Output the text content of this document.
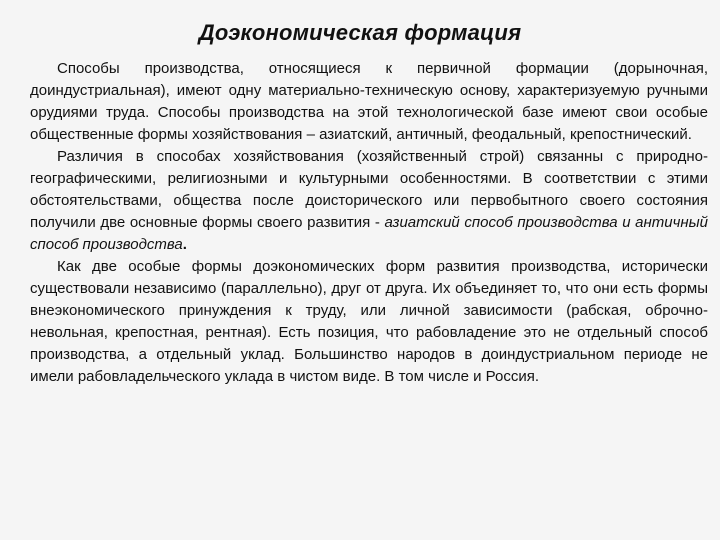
Доэкономическая формация

Способы производства, относящиеся к первичной формации (дорыночная, доиндустриальная), имеют одну материально-техническую основу, характеризуемую ручными орудиями труда. Способы производства на этой технологической базе имеют свои особые общественные формы хозяйствования – азиатский, античный, феодальный, крепостнический.

Различия в способах хозяйствования (хозяйственный строй) связанны с природно-географическими, религиозными и культурными особенностями. В соответствии с этими обстоятельствами, общества после доисторического или первобытного своего состояния получили две основные формы своего развития - азиатский способ производства и античный способ производства.

Как две особые формы доэкономических форм развития производства, исторически существовали независимо (параллельно), друг от друга. Их объединяет то, что они есть формы внеэкономического принуждения к труду, или личной зависимости (рабская, оброчно-невольная, крепостная, рентная). Есть позиция, что рабовладение это не отдельный способ производства, а отдельный уклад. Большинство народов в доиндустриальном периоде не имели рабовладельческого уклада в чистом виде. В том числе и Россия.
